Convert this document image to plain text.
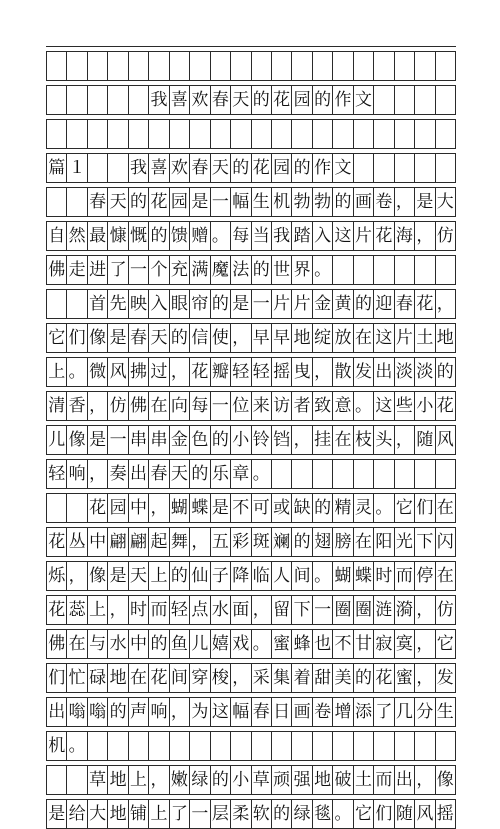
我 喜 欢 春 天 的 花 园 的 作 文
篇 １	我 喜 欢 春 天 的 花 园 的 作 文
春 天 的 花 园 是 一 幅 生 机 勃 勃 的 画 卷 ， 是 大
自 然 最 慷 慨 的 馈 赠 。 每 当 我 踏 入 这 片 花 海 ， 仿
佛 走 进 了 一 个 充 满 魔 法 的 世 界 。
首 先 映 入 眼 帘 的 是 一 片 片 金 黄 的 迎 春 花 ，
它 们 像 是 春 天 的 信 使 ， 早 早 地 绽 放 在 这 片 土 地
上 。 微 风 拂 过 ， 花 瓣 轻 轻 摇 曳 ， 散 发 出 淡 淡 的
清 香 ， 仿 佛 在 向 每 一 位 来 访 者 致 意 。 这 些 小 花
儿 像 是 一 串 串 金 色 的 小 铃 铛 ， 挂 在 枝 头 ， 随 风
轻 响 ， 奏 出 春 天 的 乐 章 。
花 园 中 ， 蝴 蝶 是 不 可 或 缺 的 精 灵 。 它 们 在
花 丛 中 翩 翩 起 舞 ， 五 彩 斑 斓 的 翅 膀 在 阳 光 下 闪
烁 ， 像 是 天 上 的 仙 子 降 临 人 间 。 蝴 蝶 时 而 停 在
花 蕊 上 ， 时 而 轻 点 水 面 ， 留 下 一 圈 圈 涟 漪 ， 仿
佛 在 与 水 中 的 鱼 儿 嬉 戏 。 蜜 蜂 也 不 甘 寂 寞 ， 它
们 忙 碌 地 在 花 间 穿 梭 ， 采 集 着 甜 美 的 花 蜜 ， 发
出 嗡 嗡 的 声 响 ， 为 这 幅 春 日 画 卷 增 添 了 几 分 生
机 。
草 地 上 ， 嫩 绿 的 小 草 顽 强 地 破 土 而 出 ， 像
是 给 大 地 铺 上 了 一 层 柔 软 的 绿 毯 。 它 们 随 风 摇
